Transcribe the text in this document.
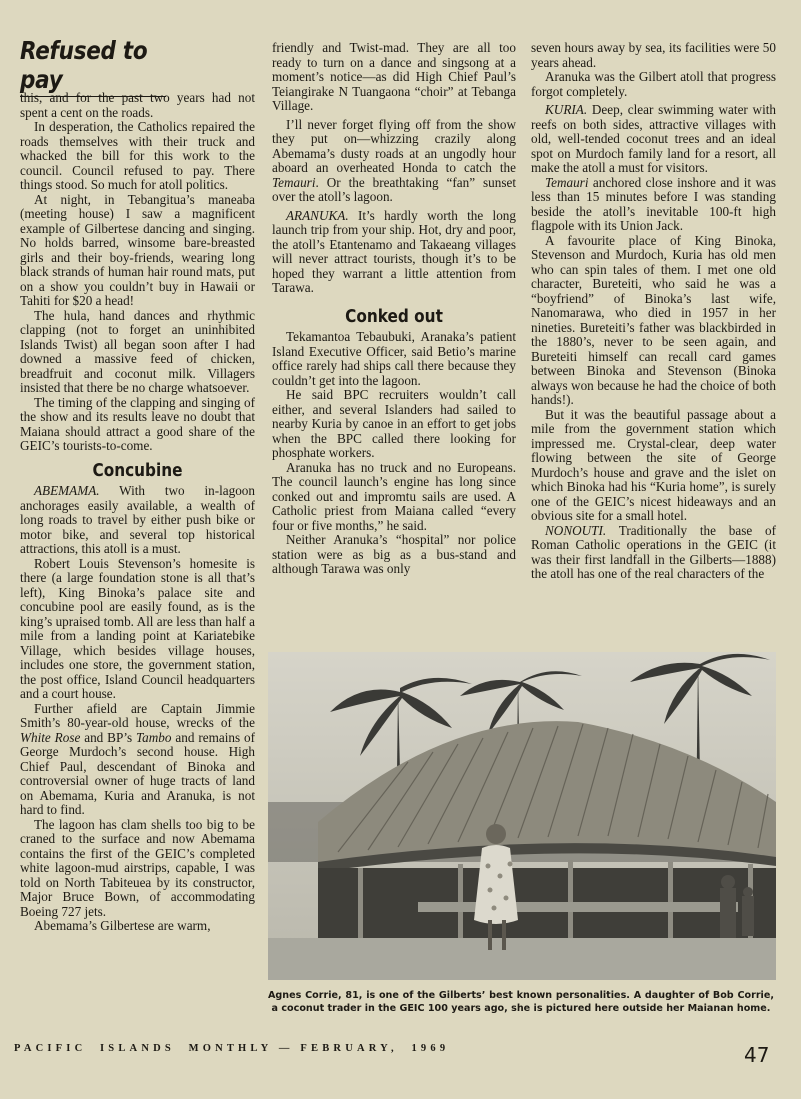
Refused to pay

this, and for the past two years had not spent a cent on the roads.

In desperation, the Catholics repaired the roads themselves with their truck and whacked the bill for this work to the council. Council refused to pay. There things stood. So much for atoll politics.

At night, in Tebangitua’s maneaba (meeting house) I saw a magnificent example of Gilbertese dancing and singing. No holds barred, winsome bare-breasted girls and their boy-friends, wearing long black strands of human hair round mats, put on a show you couldn’t buy in Hawaii or Tahiti for $20 a head!

The hula, hand dances and rhythmic clapping (not to forget an uninhibited Islands Twist) all began soon after I had downed a massive feed of chicken, breadfruit and coconut milk. Villagers insisted that there be no charge whatsoever.

The timing of the clapping and singing of the show and its results leave no doubt that Maiana should attract a good share of the GEIC’s tourists-to-come.

Concubine

ABEMAMA. With two in-lagoon anchorages easily available, a wealth of long roads to travel by either push bike or motor bike, and several top historical attractions, this atoll is a must.

Robert Louis Stevenson’s homesite is there (a large foundation stone is all that’s left), King Binoka’s palace site and concubine pool are easily found, as is the king’s upraised tomb. All are less than half a mile from a landing point at Kariatebike Village, which besides village houses, includes one store, the government station, the post office, Island Council headquarters and a court house.

Further afield are Captain Jimmie Smith’s 80-year-old house, wrecks of the White Rose and BP’s Tambo and remains of George Murdoch’s second house. High Chief Paul, descendant of Binoka and controversial owner of huge tracts of land on Abemama, Kuria and Aranuka, is not hard to find.

The lagoon has clam shells too big to be craned to the surface and now Abemama contains the first of the GEIC’s completed white lagoon-mud airstrips, capable, I was told on North Tabiteuea by its constructor, Major Bruce Bown, of accommodating Boeing 727 jets.

Abemama’s Gilbertese are warm,

friendly and Twist-mad. They are all too ready to turn on a dance and singsong at a moment’s notice—as did High Chief Paul’s Teiangirake N Tuangaona “choir” at Tebanga Village.

I’ll never forget flying off from the show they put on—whizzing crazily along Abemama’s dusty roads at an ungodly hour aboard an overheated Honda to catch the Temauri. Or the breathtaking “fan” sunset over the atoll’s lagoon.

ARANUKA. It’s hardly worth the long launch trip from your ship. Hot, dry and poor, the atoll’s Etantenamo and Takaeang villages will never attract tourists, though it’s to be hoped they warrant a little attention from Tarawa.

Conked out

Tekamantoa Tebaubuki, Aranaka’s patient Island Executive Officer, said Betio’s marine office rarely had ships call there because they couldn’t get into the lagoon.

He said BPC recruiters wouldn’t call either, and several Islanders had sailed to nearby Kuria by canoe in an effort to get jobs when the BPC called there looking for phosphate workers.

Aranuka has no truck and no Europeans. The council launch’s engine has long since conked out and impromtu sails are used. A Catholic priest from Maiana called “every four or five months,” he said.

Neither Aranuka’s “hospital” nor police station were as big as a bus-stand and although Tarawa was only

seven hours away by sea, its facilities were 50 years ahead.

Aranuka was the Gilbert atoll that progress forgot completely.

KURIA. Deep, clear swimming water with reefs on both sides, attractive villages with old, well-tended coconut trees and an ideal spot on Murdoch family land for a resort, all make the atoll a must for visitors.

Temauri anchored close inshore and it was less than 15 minutes before I was standing beside the atoll’s inevitable 100-ft high flagpole with its Union Jack.

A favourite place of King Binoka, Stevenson and Murdoch, Kuria has old men who can spin tales of them. I met one old character, Bureteiti, who said he was a “boyfriend” of Binoka’s last wife, Nanomarawa, who died in 1957 in her nineties. Bureteiti’s father was blackbirded in the 1880’s, never to be seen again, and Bureteiti himself can recall card games between Binoka and Stevenson (Binoka always won because he had the choice of both hands!).

But it was the beautiful passage about a mile from the government station which impressed me. Crystal-clear, deep water flowing between the site of George Murdoch’s house and grave and the islet on which Binoka had his “Kuria home”, is surely one of the GEIC’s nicest hideaways and an obvious site for a small hotel.

NONOUTI. Traditionally the base of Roman Catholic operations in the GEIC (it was their first landfall in the Gilberts—1888) the atoll has one of the real characters of the

Agnes Corrie, 81, is one of the Gilberts’ best known personalities. A daughter of Bob Corrie, a coconut trader in the GEIC 100 years ago, she is pictured here outside her Maianan home.
PACIFIC  ISLANDS  MONTHLY — FEBRUARY,  1969	47
